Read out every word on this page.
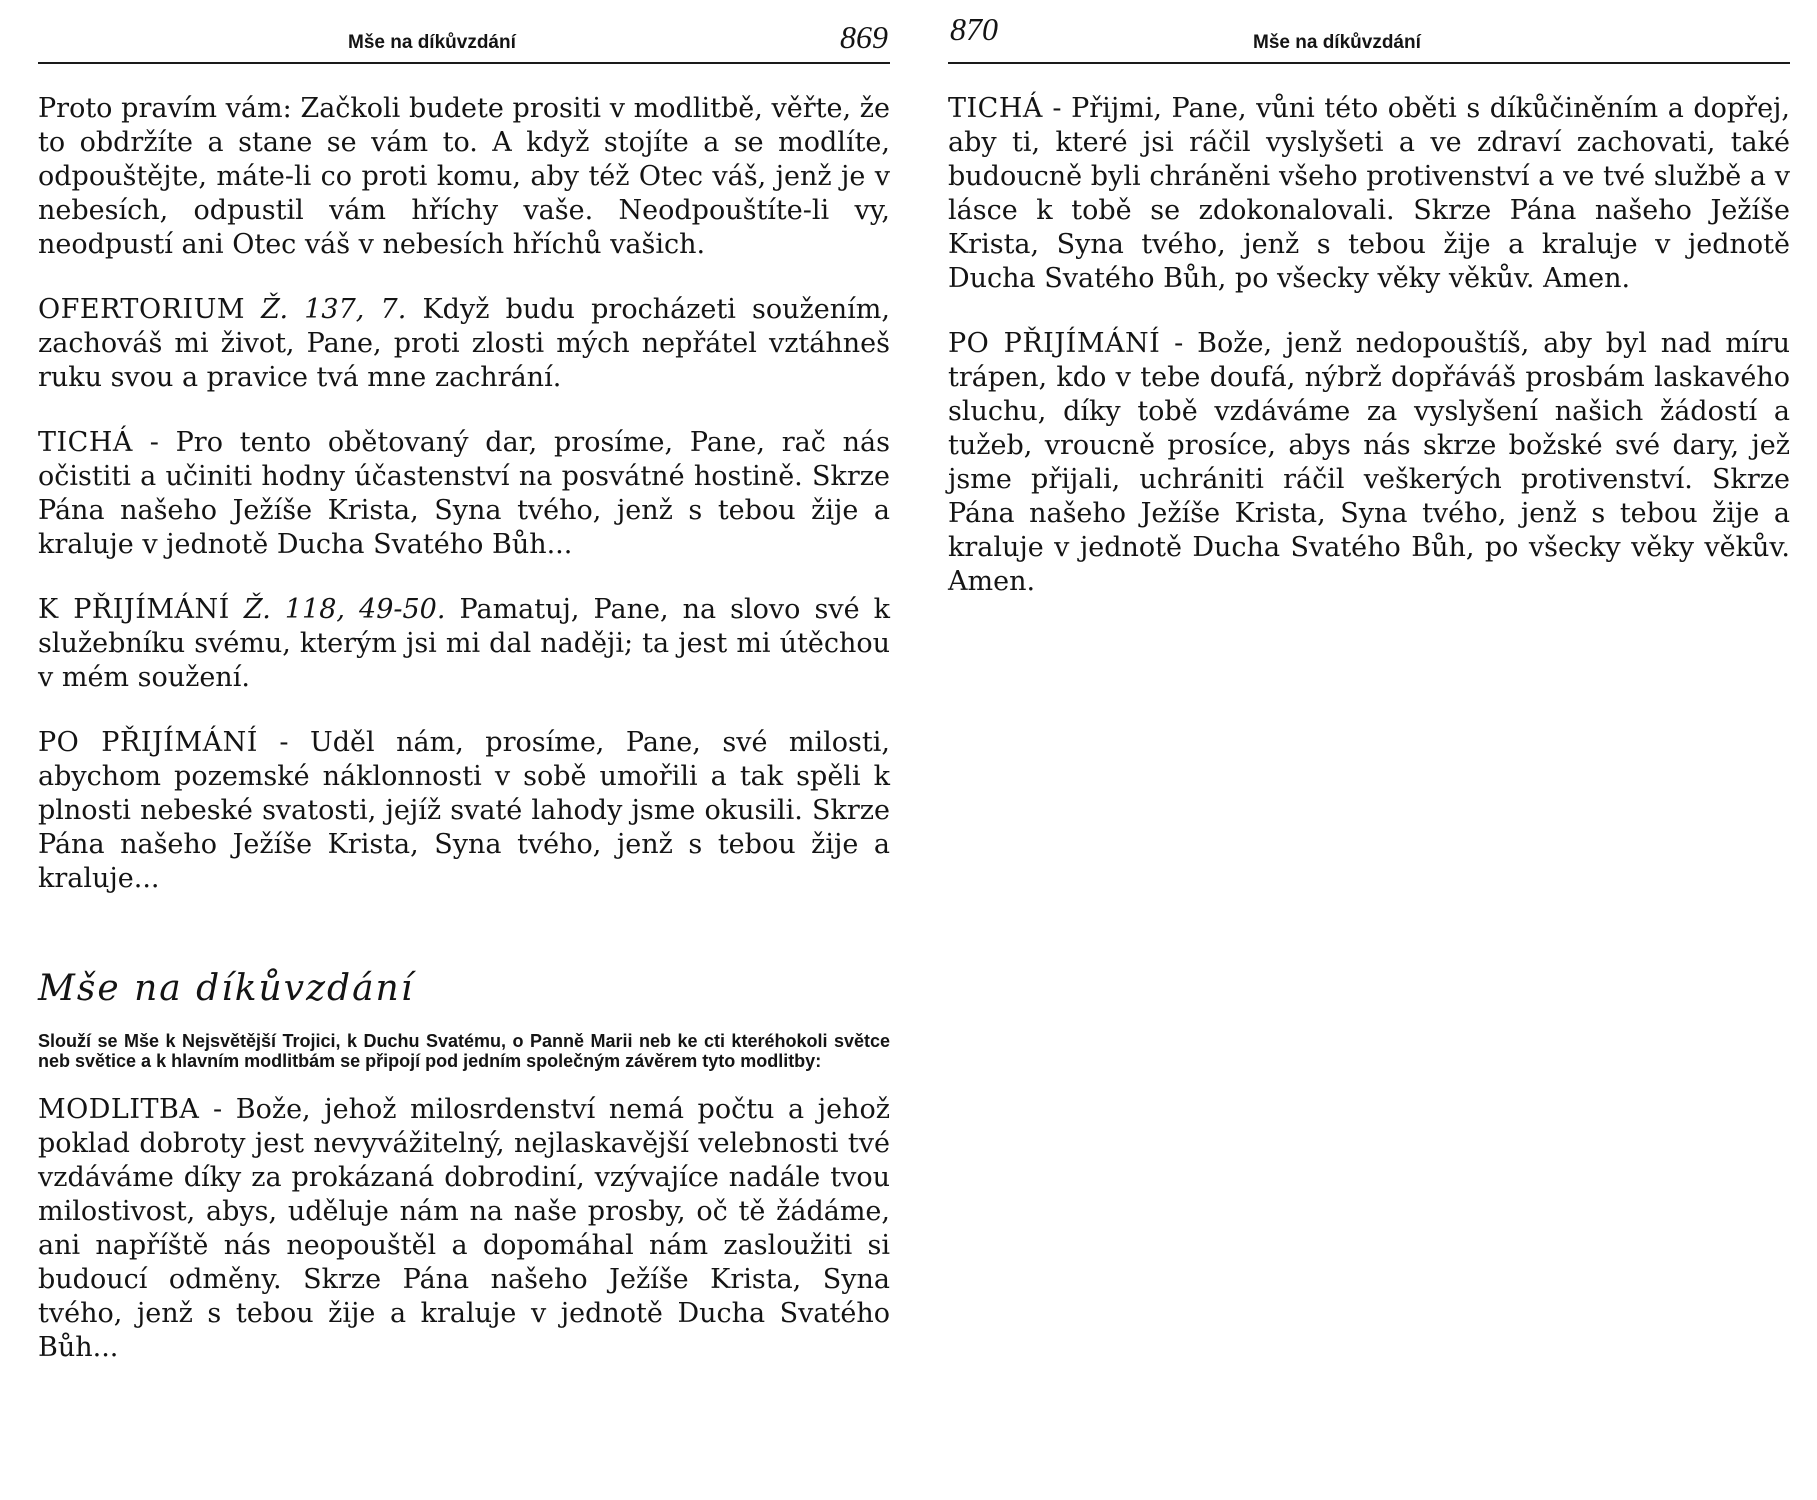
Mše na díkůvzdání	869

Proto pravím vám: Začkoli budete prositi v modlitbě, věřte, že to obdržíte a stane se vám to. A když stojíte a se modlíte, odpouštějte, máte-li co proti komu, aby též Otec váš, jenž je v nebesích, odpustil vám hříchy vaše. Neodpouštíte-li vy, neodpustí ani Otec váš v nebesích hříchů vašich.

OFERTORIUM Ž. 137, 7. Když budu procházeti soužením, zachováš mi život, Pane, proti zlosti mých nepřátel vztáhneš ruku svou a pravice tvá mne zachrání.

TICHÁ - Pro tento obětovaný dar, prosíme, Pane, rač nás očistiti a učiniti hodny účastenství na posvátné hostině. Skrze Pána našeho Ježíše Krista, Syna tvého, jenž s tebou žije a kraluje v jednotě Ducha Svatého Bůh...

K PŘIJÍMÁNÍ Ž. 118, 49-50. Pamatuj, Pane, na slovo své k služebníku svému, kterým jsi mi dal naději; ta jest mi útěchou v mém soužení.

PO PŘIJÍMÁNÍ - Uděl nám, prosíme, Pane, své milosti, abychom pozemské náklonnosti v sobě umořili a tak spěli k plnosti nebeské svatosti, jejíž svaté lahody jsme okusili. Skrze Pána našeho Ježíše Krista, Syna tvého, jenž s tebou žije a kraluje...

Mše na díkůvzdání

Slouží se Mše k Nejsvětější Trojici, k Duchu Svatému, o Panně Marii neb ke cti kteréhokoli světce neb světice a k hlavním modlitbám se připojí pod jedním společným závěrem tyto modlitby:

MODLITBA - Bože, jehož milosrdenství nemá počtu a jehož poklad dobroty jest nevyvážitelný, nejlaskavější velebnosti tvé vzdáváme díky za prokázaná dobrodiní, vzývajíce nadále tvou milostivost, abys, uděluje nám na naše prosby, oč tě žádáme, ani napříště nás neopouštěl a dopomáhal nám zasloužiti si budoucí odměny. Skrze Pána našeho Ježíše Krista, Syna tvého, jenž s tebou žije a kraluje v jednotě Ducha Svatého Bůh...

870	Mše na díkůvzdání

TICHÁ - Přijmi, Pane, vůni této oběti s díkůčiněním a dopřej, aby ti, které jsi ráčil vyslyšeti a ve zdraví zachovati, také budoucně byli chráněni všeho protivenství a ve tvé službě a v lásce k tobě se zdokonalovali. Skrze Pána našeho Ježíše Krista, Syna tvého, jenž s tebou žije a kraluje v jednotě Ducha Svatého Bůh, po všecky věky věkův. Amen.

PO PŘIJÍMÁNÍ - Bože, jenž nedopouštíš, aby byl nad míru trápen, kdo v tebe doufá, nýbrž dopřáváš prosbám laskavého sluchu, díky tobě vzdáváme za vyslyšení našich žádostí a tužeb, vroucně prosíce, abys nás skrze božské své dary, jež jsme přijali, uchrániti ráčil veškerých protivenství. Skrze Pána našeho Ježíše Krista, Syna tvého, jenž s tebou žije a kraluje v jednotě Ducha Svatého Bůh, po všecky věky věkův. Amen.
